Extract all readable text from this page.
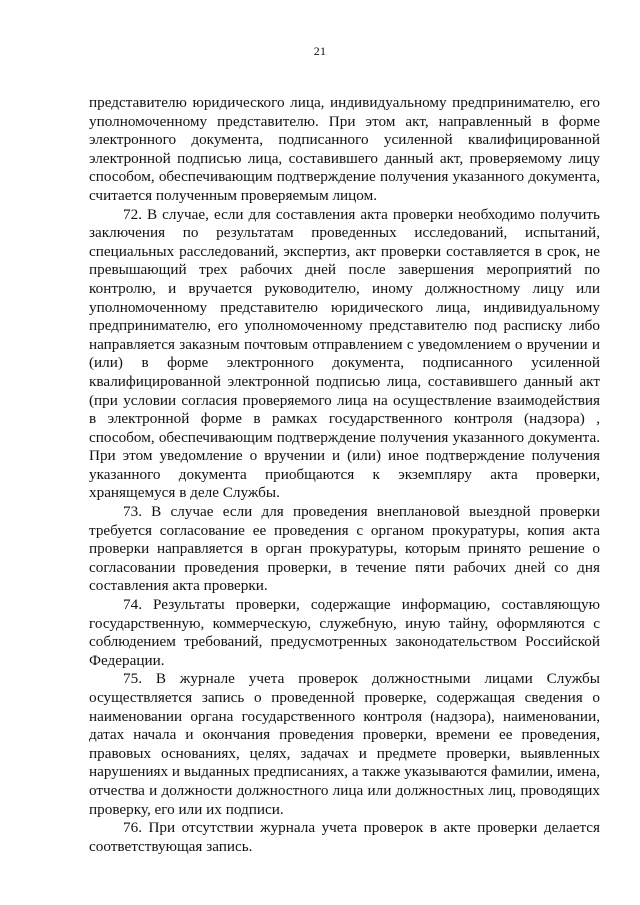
21

представителю юридического лица, индивидуальному предпринимателю, его уполномоченному представителю. При этом акт, направленный в форме электронного документа, подписанного усиленной квалифицированной электронной подписью лица, составившего данный акт, проверяемому лицу способом, обеспечивающим подтверждение получения указанного документа, считается полученным проверяемым лицом.

72. В случае, если для составления акта проверки необходимо получить заключения по результатам проведенных исследований, испытаний, специальных расследований, экспертиз, акт проверки составляется в срок, не превышающий трех рабочих дней после завершения мероприятий по контролю, и вручается руководителю, иному должностному лицу или уполномоченному представителю юридического лица, индивидуальному предпринимателю, его уполномоченному представителю под расписку либо направляется заказным почтовым отправлением с уведомлением о вручении и (или) в форме электронного документа, подписанного усиленной квалифицированной электронной подписью лица, составившего данный акт (при условии согласия проверяемого лица на осуществление взаимодействия в электронной форме в рамках государственного контроля (надзора) , способом, обеспечивающим подтверждение получения указанного документа. При этом уведомление о вручении и (или) иное подтверждение получения указанного документа приобщаются к экземпляру акта проверки, хранящемуся в деле Службы.

73. В случае если для проведения внеплановой выездной проверки требуется согласование ее проведения с органом прокуратуры, копия акта проверки направляется в орган прокуратуры, которым принято решение о согласовании проведения проверки, в течение пяти рабочих дней со дня составления акта проверки.

74. Результаты проверки, содержащие информацию, составляющую государственную, коммерческую, служебную, иную тайну, оформляются с соблюдением требований, предусмотренных законодательством Российской Федерации.

75. В журнале учета проверок должностными лицами Службы осуществляется запись о проведенной проверке, содержащая сведения о наименовании органа государственного контроля (надзора), наименовании, датах начала и окончания проведения проверки, времени ее проведения, правовых основаниях, целях, задачах и предмете проверки, выявленных нарушениях и выданных предписаниях, а также указываются фамилии, имена, отчества и должности должностного лица или должностных лиц, проводящих проверку, его или их подписи.

76. При отсутствии журнала учета проверок в акте проверки делается соответствующая запись.
